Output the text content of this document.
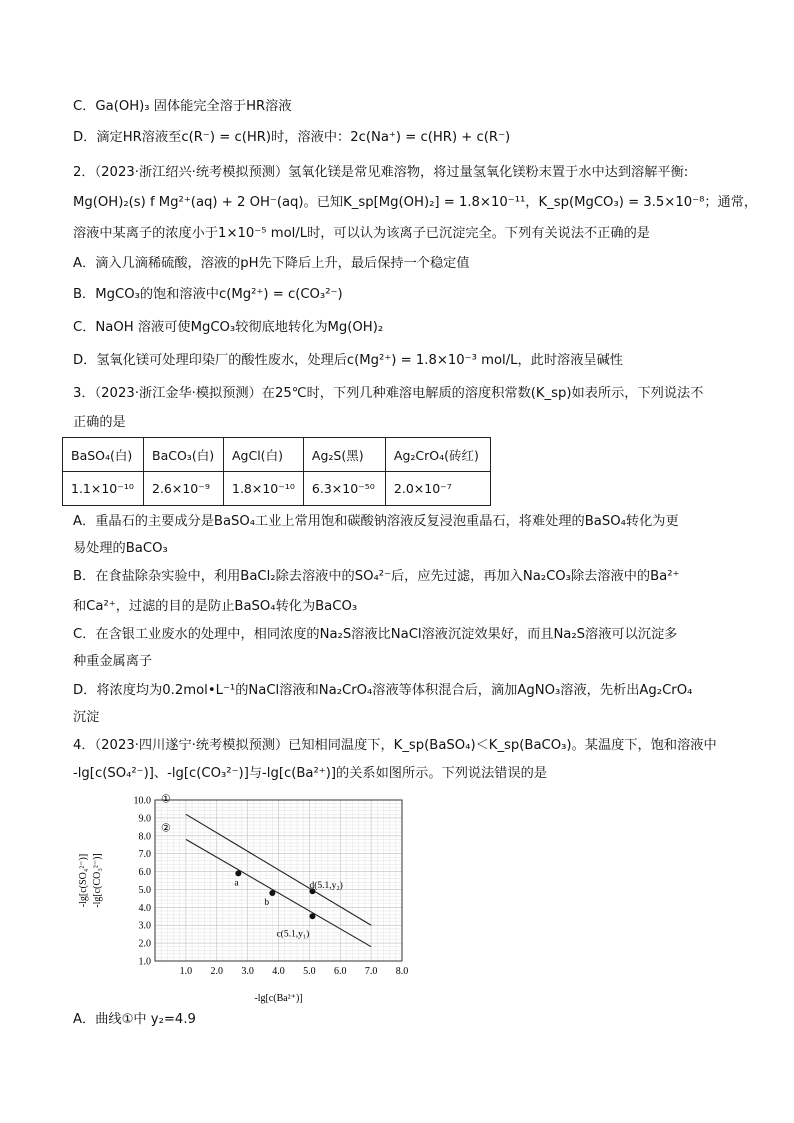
C．Ga(OH)₃ 固体能完全溶于HR溶液
D．滴定HR溶液至c(R⁻) = c(HR)时，溶液中：2c(Na⁺) = c(HR) + c(R⁻)
2．（2023·浙江绍兴·统考模拟预测）氢氧化镁是常见难溶物，将过量氢氧化镁粉末置于水中达到溶解平衡:
Mg(OH)₂(s) f Mg²⁺(aq) + 2 OH⁻(aq)。已知K_sp[Mg(OH)₂] = 1.8×10⁻¹¹，K_sp(MgCO₃) = 3.5×10⁻⁸；通常，
溶液中某离子的浓度小于1×10⁻⁵ mol/L时，可以认为该离子已沉淀完全。下列有关说法不正确的是
A．滴入几滴稀硫酸，溶液的pH先下降后上升，最后保持一个稳定值
B．MgCO₃的饱和溶液中c(Mg²⁺) = c(CO₃²⁻)
C．NaOH 溶液可使MgCO₃较彻底地转化为Mg(OH)₂
D．氢氧化镁可处理印染厂的酸性废水，处理后c(Mg²⁺) = 1.8×10⁻³ mol/L，此时溶液呈碱性
3．（2023·浙江金华·模拟预测）在25℃时，下列几种难溶电解质的溶度积常数(K_sp)如表所示，下列说法不
正确的是
BaSO₄(白)	BaCO₃(白)	AgCl(白)	Ag₂S(黑)	Ag₂CrO₄(砖红)
1.1×10⁻¹⁰	2.6×10⁻⁹	1.8×10⁻¹⁰	6.3×10⁻⁵⁰	2.0×10⁻⁷
A．重晶石的主要成分是BaSO₄工业上常用饱和碳酸钠溶液反复浸泡重晶石，将难处理的BaSO₄转化为更
易处理的BaCO₃
B．在食盐除杂实验中，利用BaCl₂除去溶液中的SO₄²⁻后，应先过滤，再加入Na₂CO₃除去溶液中的Ba²⁺
和Ca²⁺，过滤的目的是防止BaSO₄转化为BaCO₃
C．在含银工业废水的处理中，相同浓度的Na₂S溶液比NaCl溶液沉淀效果好，而且Na₂S溶液可以沉淀多
种重金属离子
D．将浓度均为0.2mol•L⁻¹的NaCl溶液和Na₂CrO₄溶液等体积混合后，滴加AgNO₃溶液，先析出Ag₂CrO₄
沉淀
4．（2023·四川遂宁·统考模拟预测）已知相同温度下，K_sp(BaSO₄)＜K_sp(BaCO₃)。某温度下，饱和溶液中
-lg[c(SO₄²⁻)]、-lg[c(CO₃²⁻)]与-lg[c(Ba²⁺)]的关系如图所示。下列说法错误的是
1.0 2.0 3.0 4.0 5.0 6.0 7.0 8.0
1.0
2.0
3.0
4.0
5.0
6.0
7.0
8.0
9.0
10.0 ①
②
a
b
d(5.1,y₂)
c(5.1,y₁)
-lg[c(Ba²⁺)]
-lg[c(SO₄²⁻)] -lg[c(CO₃²⁻)]
A．曲线①中 y₂=4.9
